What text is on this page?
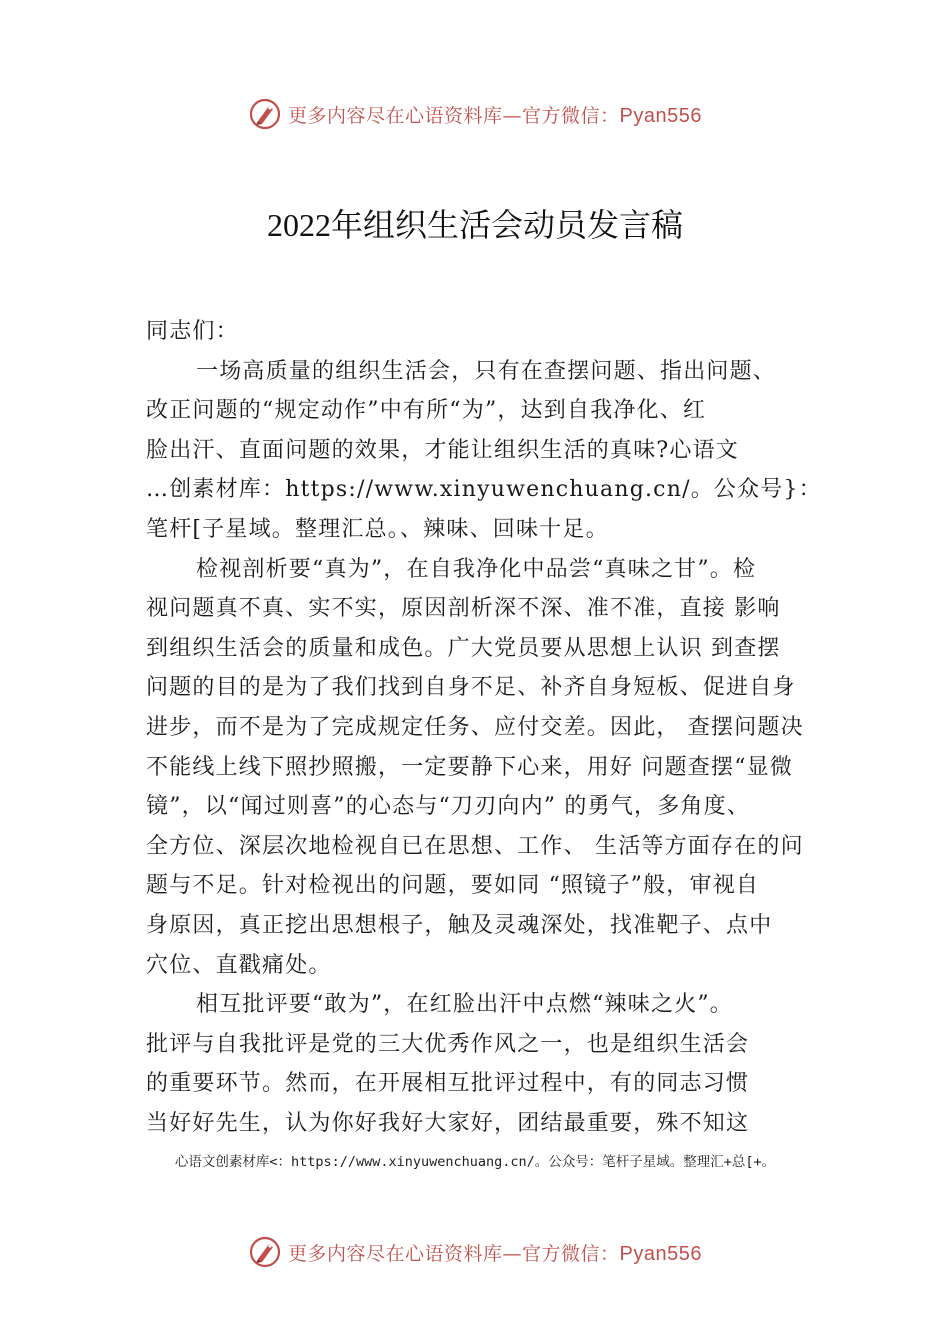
更多内容尽在心语资料库—官方微信：Pyan556
2022年组织生活会动员发言稿
同志们：
一场高质量的组织生活会，只有在查摆问题、指出问题、
改正问题的“规定动作”中有所“为”，达到自我净化、红
脸出汗、直面问题的效果，才能让组织生活的真味?心语文
…创素材库：https://www.xinyuwenchuang.cn/。公众号}：
笔杆[子星域。整理汇总。、辣味、回味十足。
检视剖析要“真为”，在自我净化中品尝“真味之甘”。检
视问题真不真、实不实，原因剖析深不深、准不准，直接 影响
到组织生活会的质量和成色。广大党员要从思想上认识 到查摆
问题的目的是为了我们找到自身不足、补齐自身短板、促进自身
进步，而不是为了完成规定任务、应付交差。因此， 查摆问题决
不能线上线下照抄照搬，一定要静下心来，用好 问题查摆“显微
镜”，以“闻过则喜”的心态与“刀刃向内” 的勇气，多角度、
全方位、深层次地检视自已在思想、工作、 生活等方面存在的问
题与不足。针对检视出的问题，要如同 “照镜子”般，审视自
身原因，真正挖出思想根子，触及灵魂深处，找准靶子、点中
穴位、直戳痛处。
相互批评要“敢为”，在红脸出汗中点燃“辣味之火”。
批评与自我批评是党的三大优秀作风之一，也是组织生活会
的重要环节。然而，在开展相互批评过程中，有的同志习惯
当好好先生，认为你好我好大家好，团结最重要，殊不知这
心语文创素材库<：https://www.xinyuwenchuang.cn/。公众号：笔杆子星域。整理汇+总[+。
更多内容尽在心语资料库—官方微信：Pyan556
